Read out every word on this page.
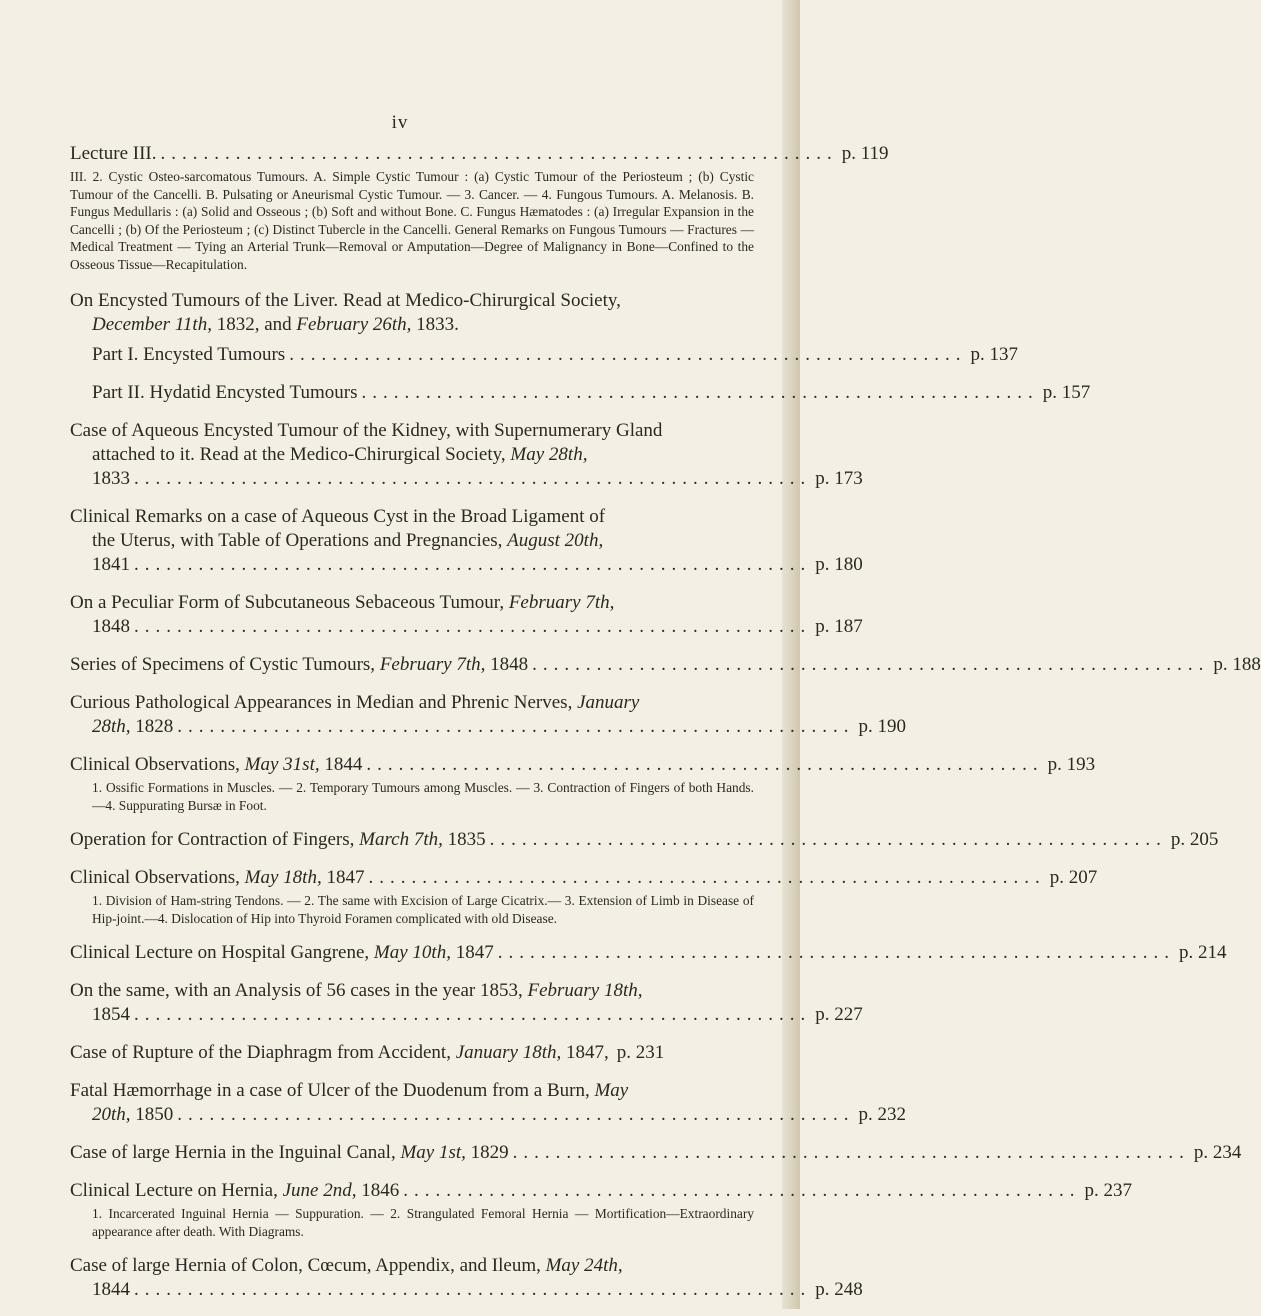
iv
Lecture III. ............................................................... p. 119
III. 2. Cystic Osteo-sarcomatous Tumours. A. Simple Cystic Tumour : (a) Cystic Tumour of the Periosteum ; (b) Cystic Tumour of the Cancelli. B. Pulsating or Aneurismal Cystic Tumour. — 3. Cancer. — 4. Fungous Tumours. A. Melanosis. B. Fungus Medullaris : (a) Solid and Osseous ; (b) Soft and without Bone. C. Fungus Hæmatodes : (a) Irregular Expansion in the Cancelli ; (b) Of the Periosteum ; (c) Distinct Tubercle in the Cancelli. General Remarks on Fungous Tumours — Fractures — Medical Treatment — Tying an Arterial Trunk—Removal or Amputation—Degree of Malignancy in Bone—Confined to the Osseous Tissue—Recapitulation.
On Encysted Tumours of the Liver. Read at Medico-Chirurgical Society,
December 11th, 1832, and February 26th, 1833.
Part I. Encysted Tumours ............................................................... p. 137
Part II. Hydatid Encysted Tumours ............................................................... p. 157
Case of Aqueous Encysted Tumour of the Kidney, with Supernumerary Gland
attached to it. Read at the Medico-Chirurgical Society, May 28th,
1833 ............................................................... p. 173
Clinical Remarks on a case of Aqueous Cyst in the Broad Ligament of
the Uterus, with Table of Operations and Pregnancies, August 20th,
1841 ............................................................... p. 180
On a Peculiar Form of Subcutaneous Sebaceous Tumour, February 7th,
1848 ............................................................... p. 187
Series of Specimens of Cystic Tumours, February 7th, 1848 ............................................................... p. 188
Curious Pathological Appearances in Median and Phrenic Nerves, January
28th, 1828 ............................................................... p. 190
Clinical Observations, May 31st, 1844 ............................................................... p. 193
1. Ossific Formations in Muscles. — 2. Temporary Tumours among Muscles. — 3. Contraction of Fingers of both Hands.—4. Suppurating Bursæ in Foot.
Operation for Contraction of Fingers, March 7th, 1835 ............................................................... p. 205
Clinical Observations, May 18th, 1847 ............................................................... p. 207
1. Division of Ham-string Tendons. — 2. The same with Excision of Large Cicatrix.— 3. Extension of Limb in Disease of Hip-joint.—4. Dislocation of Hip into Thyroid Foramen complicated with old Disease.
Clinical Lecture on Hospital Gangrene, May 10th, 1847 ............................................................... p. 214
On the same, with an Analysis of 56 cases in the year 1853, February 18th,
1854 ............................................................... p. 227
Case of Rupture of the Diaphragm from Accident, January 18th, 1847, p. 231
Fatal Hæmorrhage in a case of Ulcer of the Duodenum from a Burn, May
20th, 1850 ............................................................... p. 232
Case of large Hernia in the Inguinal Canal, May 1st, 1829 ............................................................... p. 234
Clinical Lecture on Hernia, June 2nd, 1846 ............................................................... p. 237
1. Incarcerated Inguinal Hernia — Suppuration. — 2. Strangulated Femoral Hernia — Mortification—Extraordinary appearance after death. With Diagrams.
Case of large Hernia of Colon, Cœcum, Appendix, and Ileum, May 24th,
1844 ............................................................... p. 248
